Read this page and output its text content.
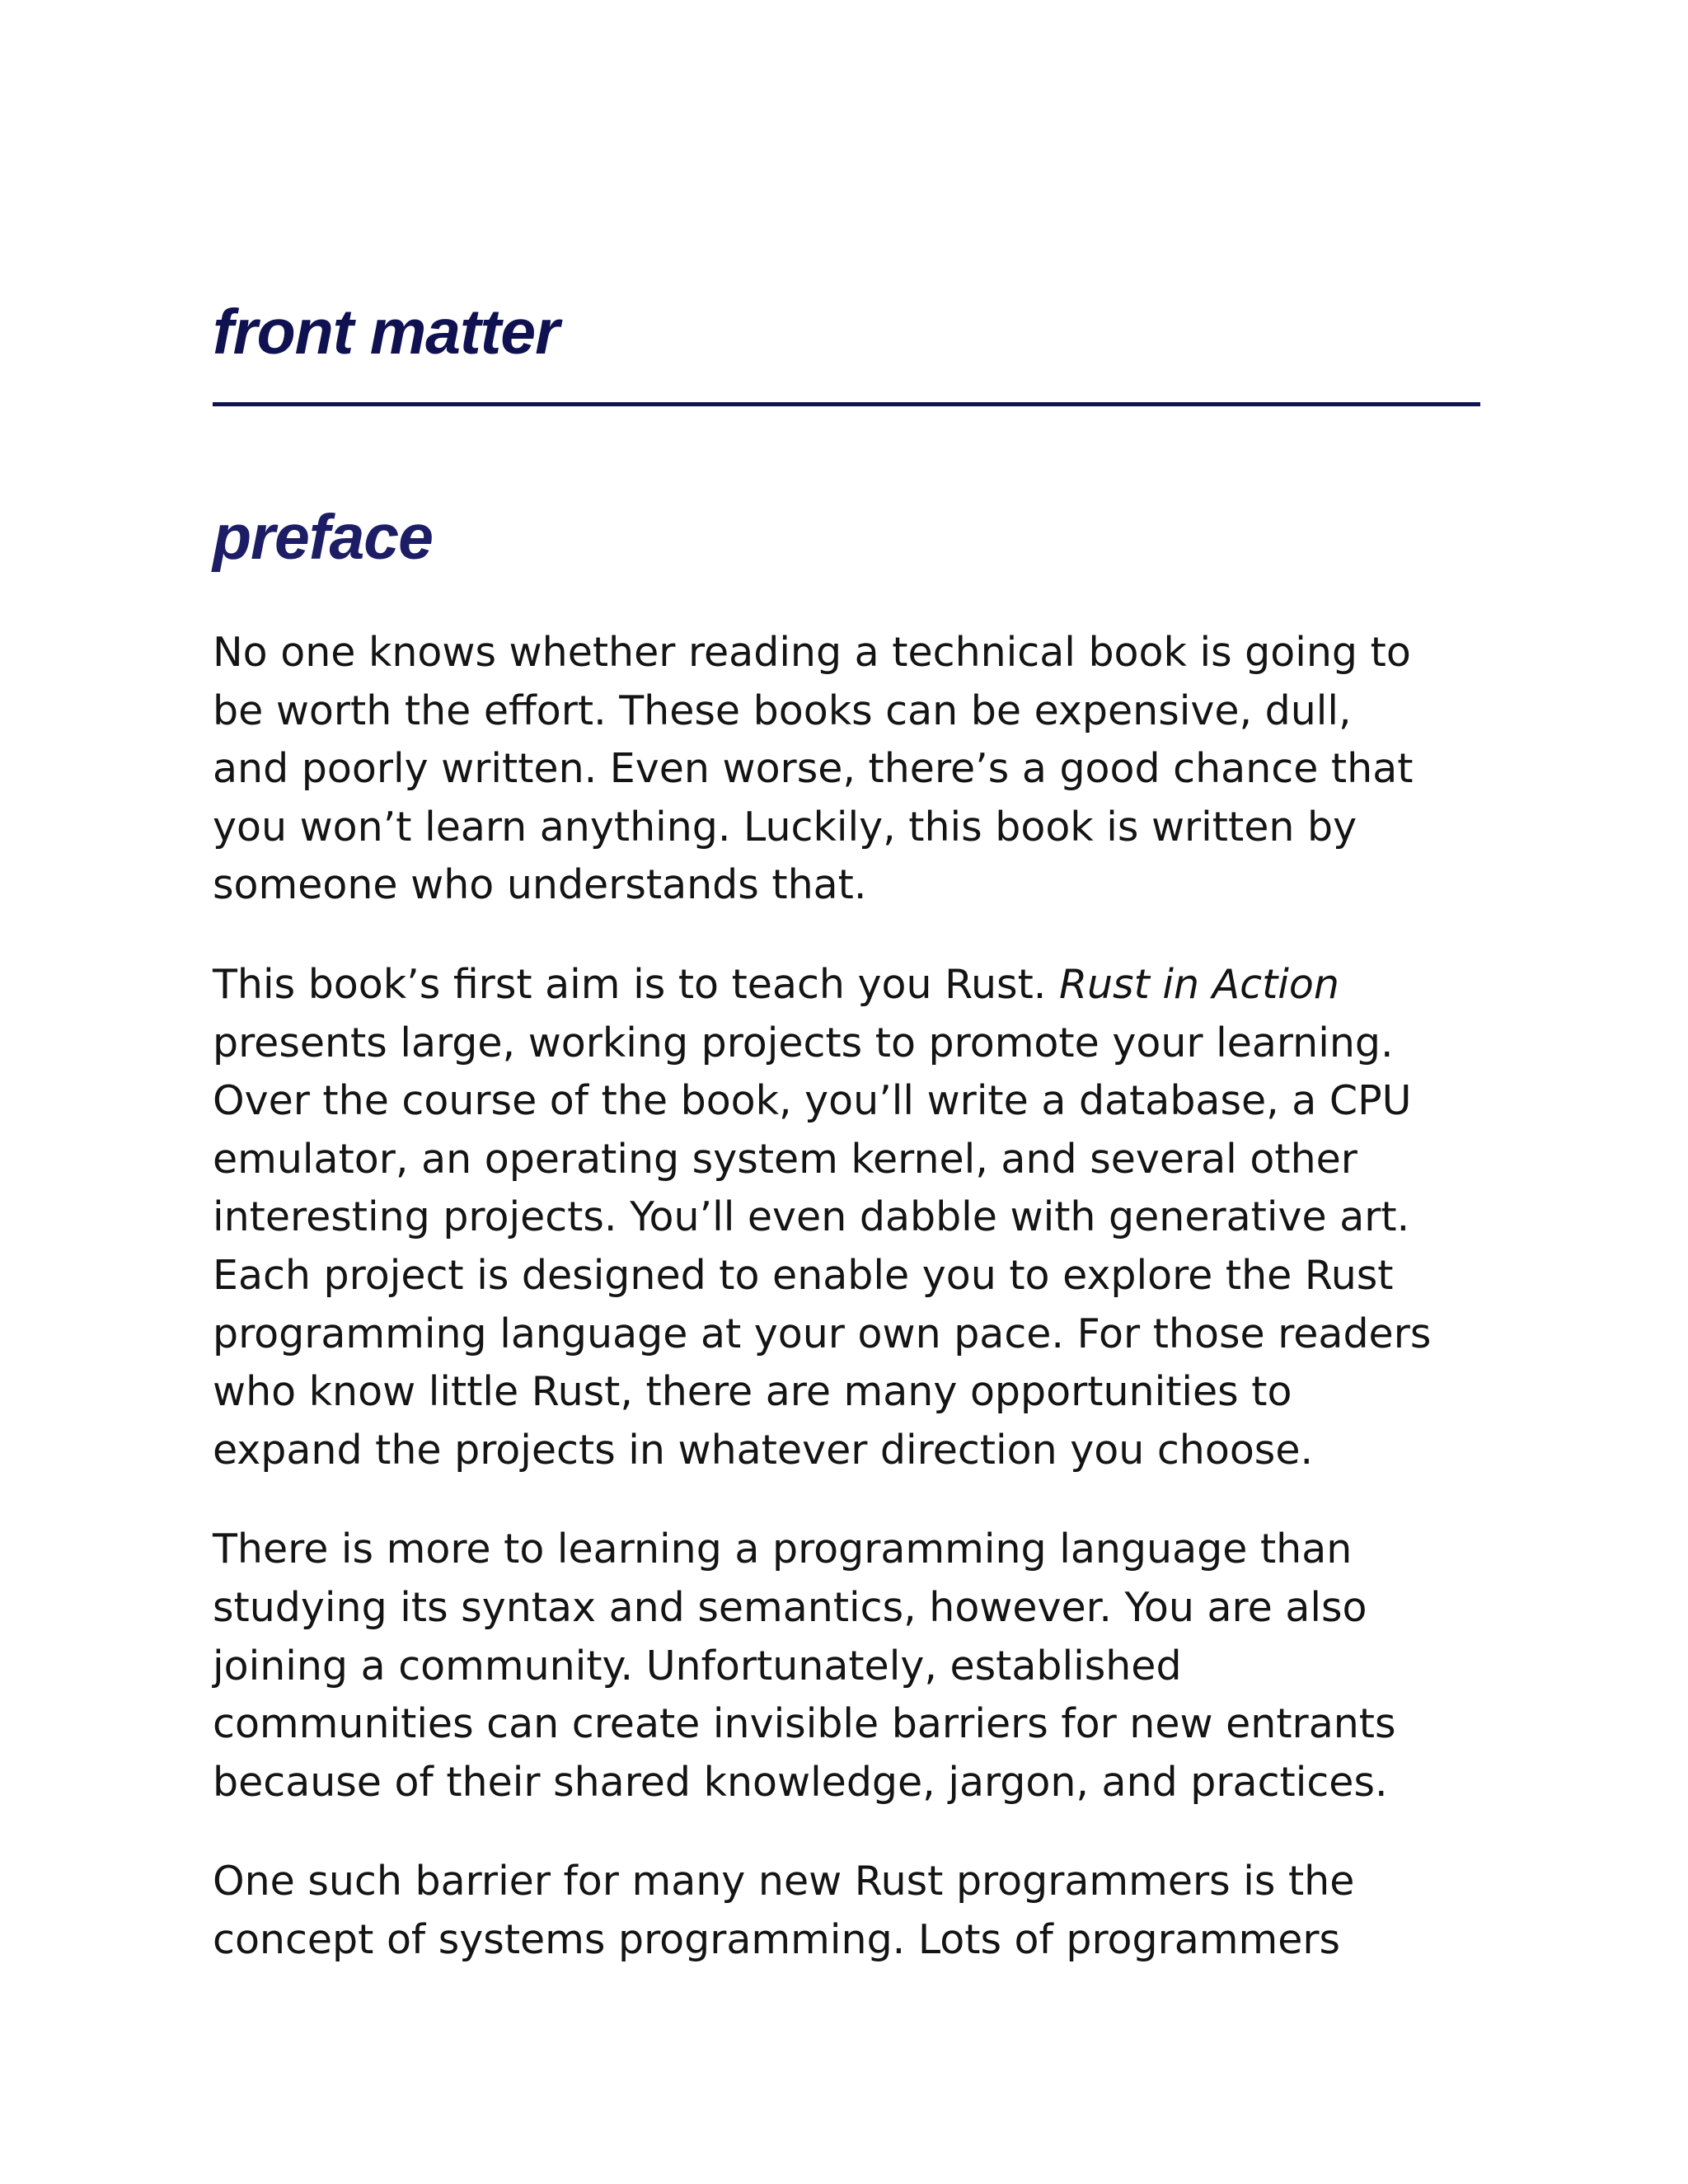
front matter
preface

No one knows whether reading a technical book is going to
be worth the effort. These books can be expensive, dull,
and poorly written. Even worse, there’s a good chance that
you won’t learn anything. Luckily, this book is written by
someone who understands that.

This book’s first aim is to teach you Rust. Rust in Action
presents large, working projects to promote your learning.
Over the course of the book, you’ll write a database, a CPU
emulator, an operating system kernel, and several other
interesting projects. You’ll even dabble with generative art.
Each project is designed to enable you to explore the Rust
programming language at your own pace. For those readers
who know little Rust, there are many opportunities to
expand the projects in whatever direction you choose.

There is more to learning a programming language than
studying its syntax and semantics, however. You are also
joining a community. Unfortunately, established
communities can create invisible barriers for new entrants
because of their shared knowledge, jargon, and practices.

One such barrier for many new Rust programmers is the
concept of systems programming. Lots of programmers
